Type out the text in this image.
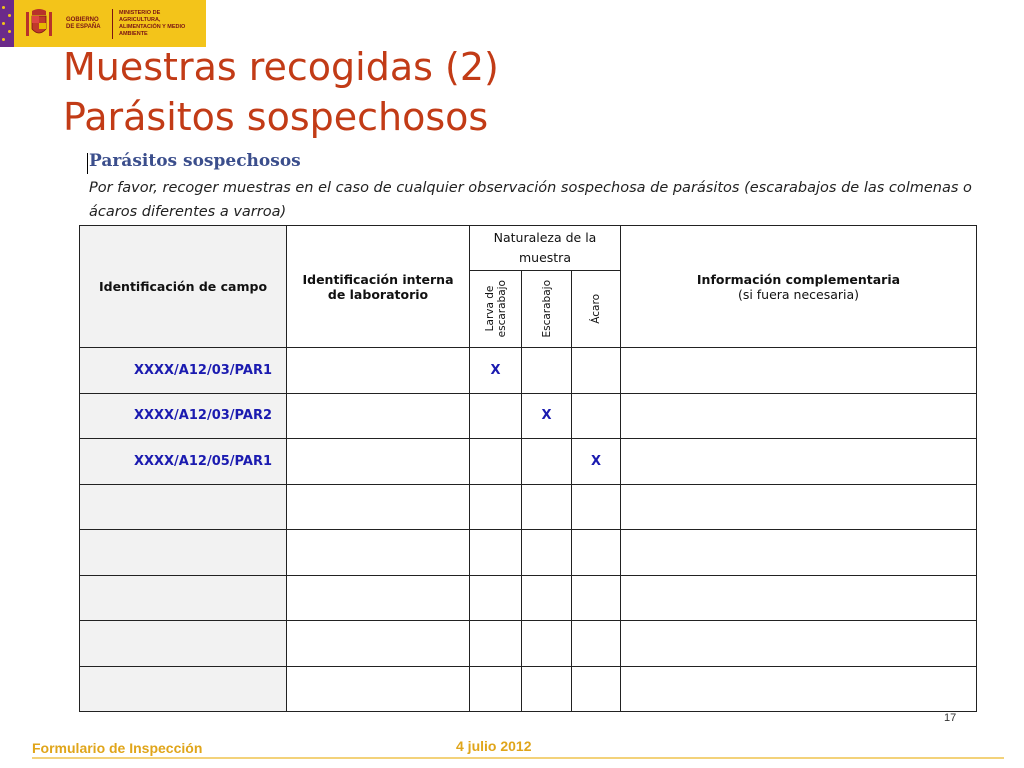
GOBIERNO DE ESPAÑA
MINISTERIO DE AGRICULTURA, ALIMENTACIÓN Y MEDIO AMBIENTE
Muestras recogidas (2)
Parásitos sospechosos
Parásitos sospechosos
Por favor, recoger muestras en el caso de cualquier observación sospechosa de parásitos (escarabajos de las colmenas o ácaros diferentes a varroa)
Identificación de campo	Identificación interna
de laboratorio	Naturaleza de la muestra			Información complementaria
(si fuera necesaria)

		Larva de
escarabajo	Escarabajo	Ácaro	

XXXX/A12/03/PAR1		X			
XXXX/A12/03/PAR2			X		
XXXX/A12/05/PAR1				X	

17
Formulario de Inspección	4 julio 2012
